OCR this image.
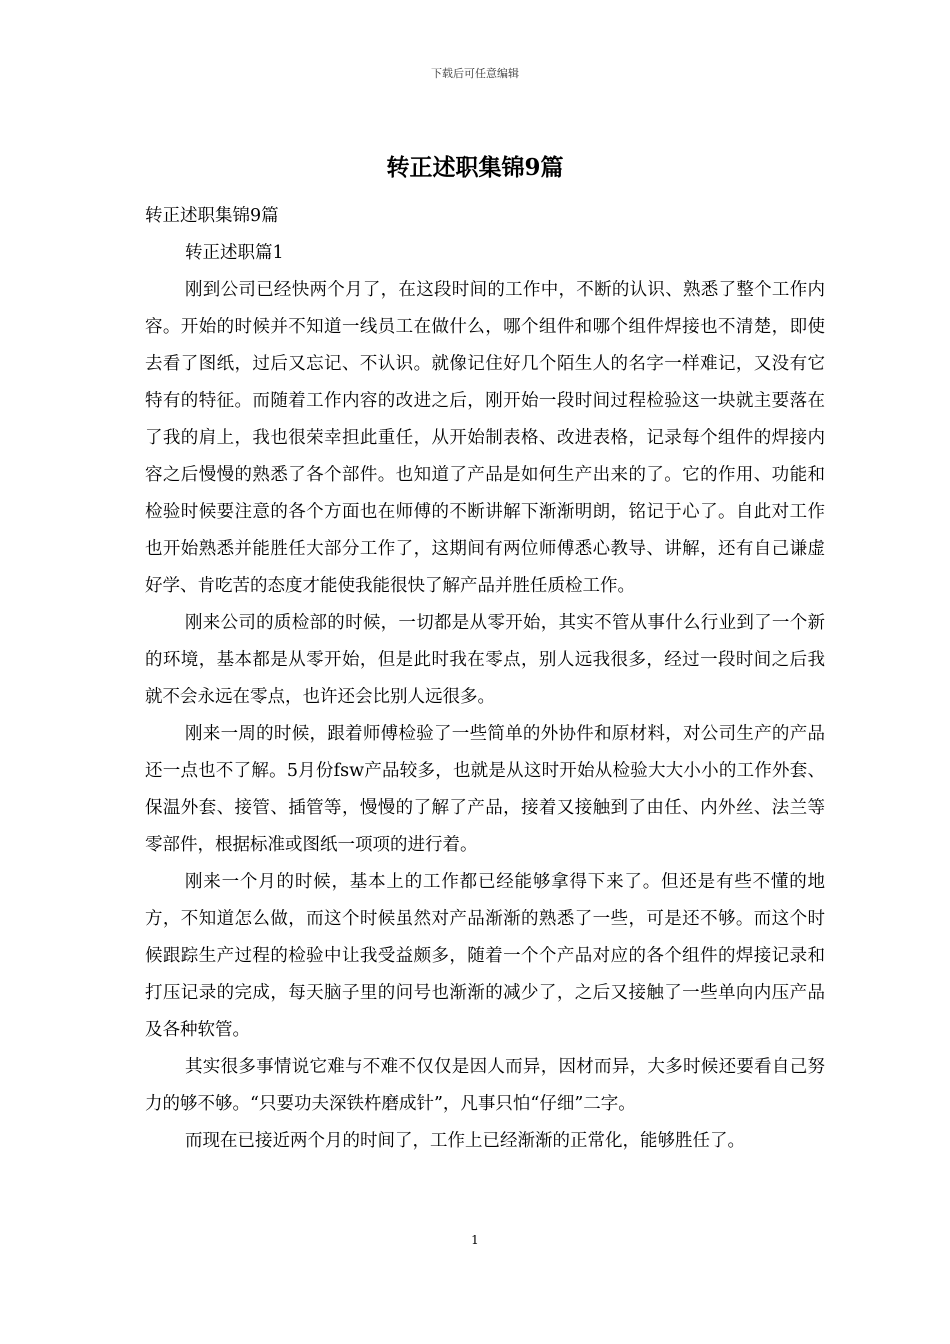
下载后可任意编辑
转正述职集锦9篇

转正述职集锦9篇

转正述职篇1

刚到公司已经快两个月了，在这段时间的工作中，不断的认识、熟悉了整个工作内容。开始的时候并不知道一线员工在做什么，哪个组件和哪个组件焊接也不清楚，即使去看了图纸，过后又忘记、不认识。就像记住好几个陌生人的名字一样难记，又没有它特有的特征。而随着工作内容的改进之后，刚开始一段时间过程检验这一块就主要落在了我的肩上，我也很荣幸担此重任，从开始制表格、改进表格，记录每个组件的焊接内容之后慢慢的熟悉了各个部件。也知道了产品是如何生产出来的了。它的作用、功能和检验时候要注意的各个方面也在师傅的不断讲解下渐渐明朗，铭记于心了。自此对工作也开始熟悉并能胜任大部分工作了，这期间有两位师傅悉心教导、讲解，还有自己谦虚好学、肯吃苦的态度才能使我能很快了解产品并胜任质检工作。

刚来公司的质检部的时候，一切都是从零开始，其实不管从事什么行业到了一个新的环境，基本都是从零开始，但是此时我在零点，别人远我很多，经过一段时间之后我就不会永远在零点，也许还会比别人远很多。

刚来一周的时候，跟着师傅检验了一些简单的外协件和原材料，对公司生产的产品还一点也不了解。5月份fsw产品较多，也就是从这时开始从检验大大小小的工作外套、保温外套、接管、插管等，慢慢的了解了产品，接着又接触到了由任、内外丝、法兰等零部件，根据标准或图纸一项项的进行着。

刚来一个月的时候，基本上的工作都已经能够拿得下来了。但还是有些不懂的地方，不知道怎么做，而这个时候虽然对产品渐渐的熟悉了一些，可是还不够。而这个时候跟踪生产过程的检验中让我受益颇多，随着一个个产品对应的各个组件的焊接记录和打压记录的完成，每天脑子里的问号也渐渐的减少了，之后又接触了一些单向内压产品及各种软管。

其实很多事情说它难与不难不仅仅是因人而异，因材而异，大多时候还要看自己努力的够不够。“只要功夫深铁杵磨成针”，凡事只怕“仔细”二字。

而现在已接近两个月的时间了，工作上已经渐渐的正常化，能够胜任了。

1
